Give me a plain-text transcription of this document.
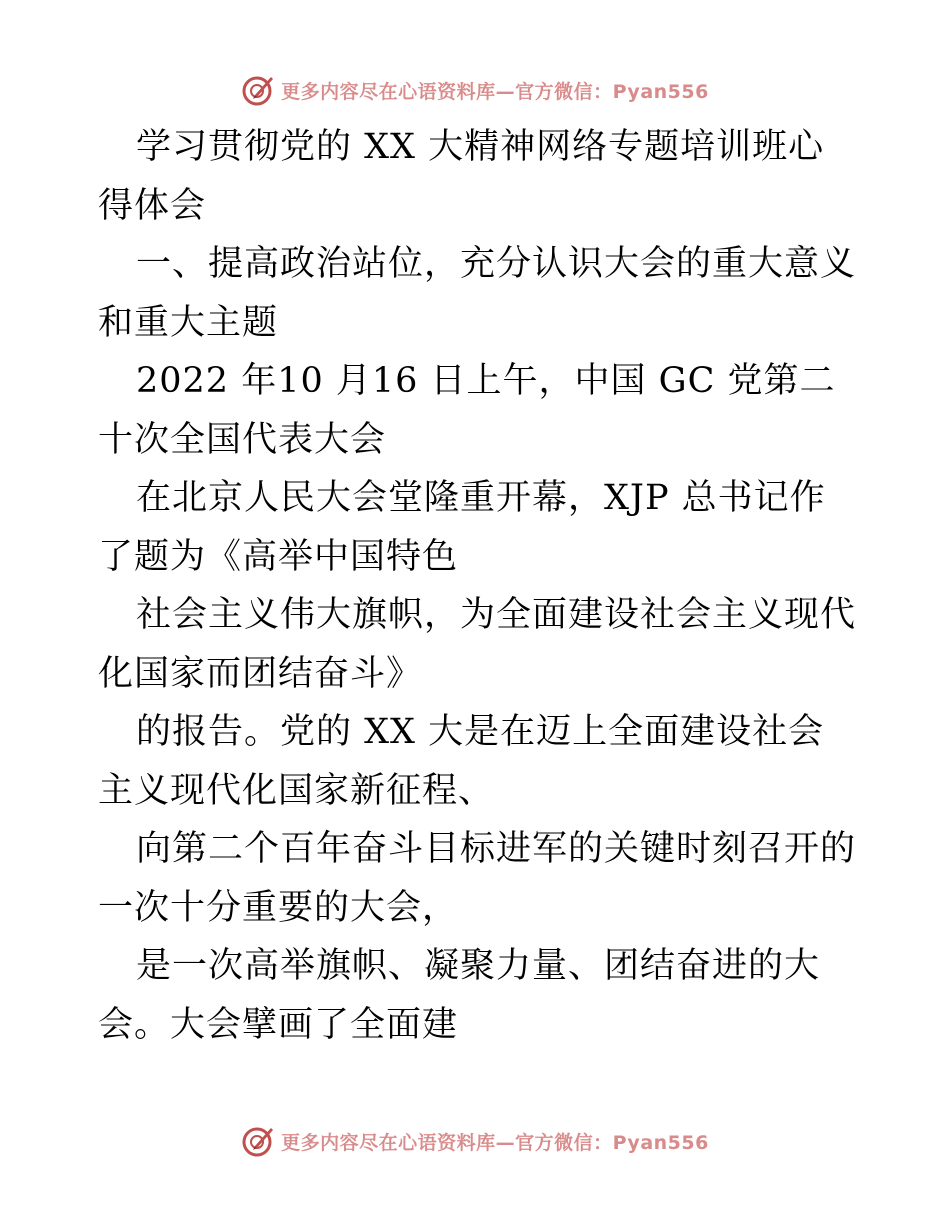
更多内容尽在心语资料库—官方微信：Pyan556

学习贯彻党的 XX 大精神网络专题培训班心得体会

一、提高政治站位，充分认识大会的重大意义和重大主题

2022 年10 月16 日上午，中国 GC 党第二十次全国代表大会

在北京人民大会堂隆重开幕，XJP 总书记作了题为《高举中国特色

社会主义伟大旗帜，为全面建设社会主义现代化国家而团结奋斗》

的报告。党的 XX 大是在迈上全面建设社会主义现代化国家新征程、

向第二个百年奋斗目标进军的关键时刻召开的一次十分重要的大会，

是一次高举旗帜、凝聚力量、团结奋进的大会。大会擘画了全面建

更多内容尽在心语资料库—官方微信：Pyan556
